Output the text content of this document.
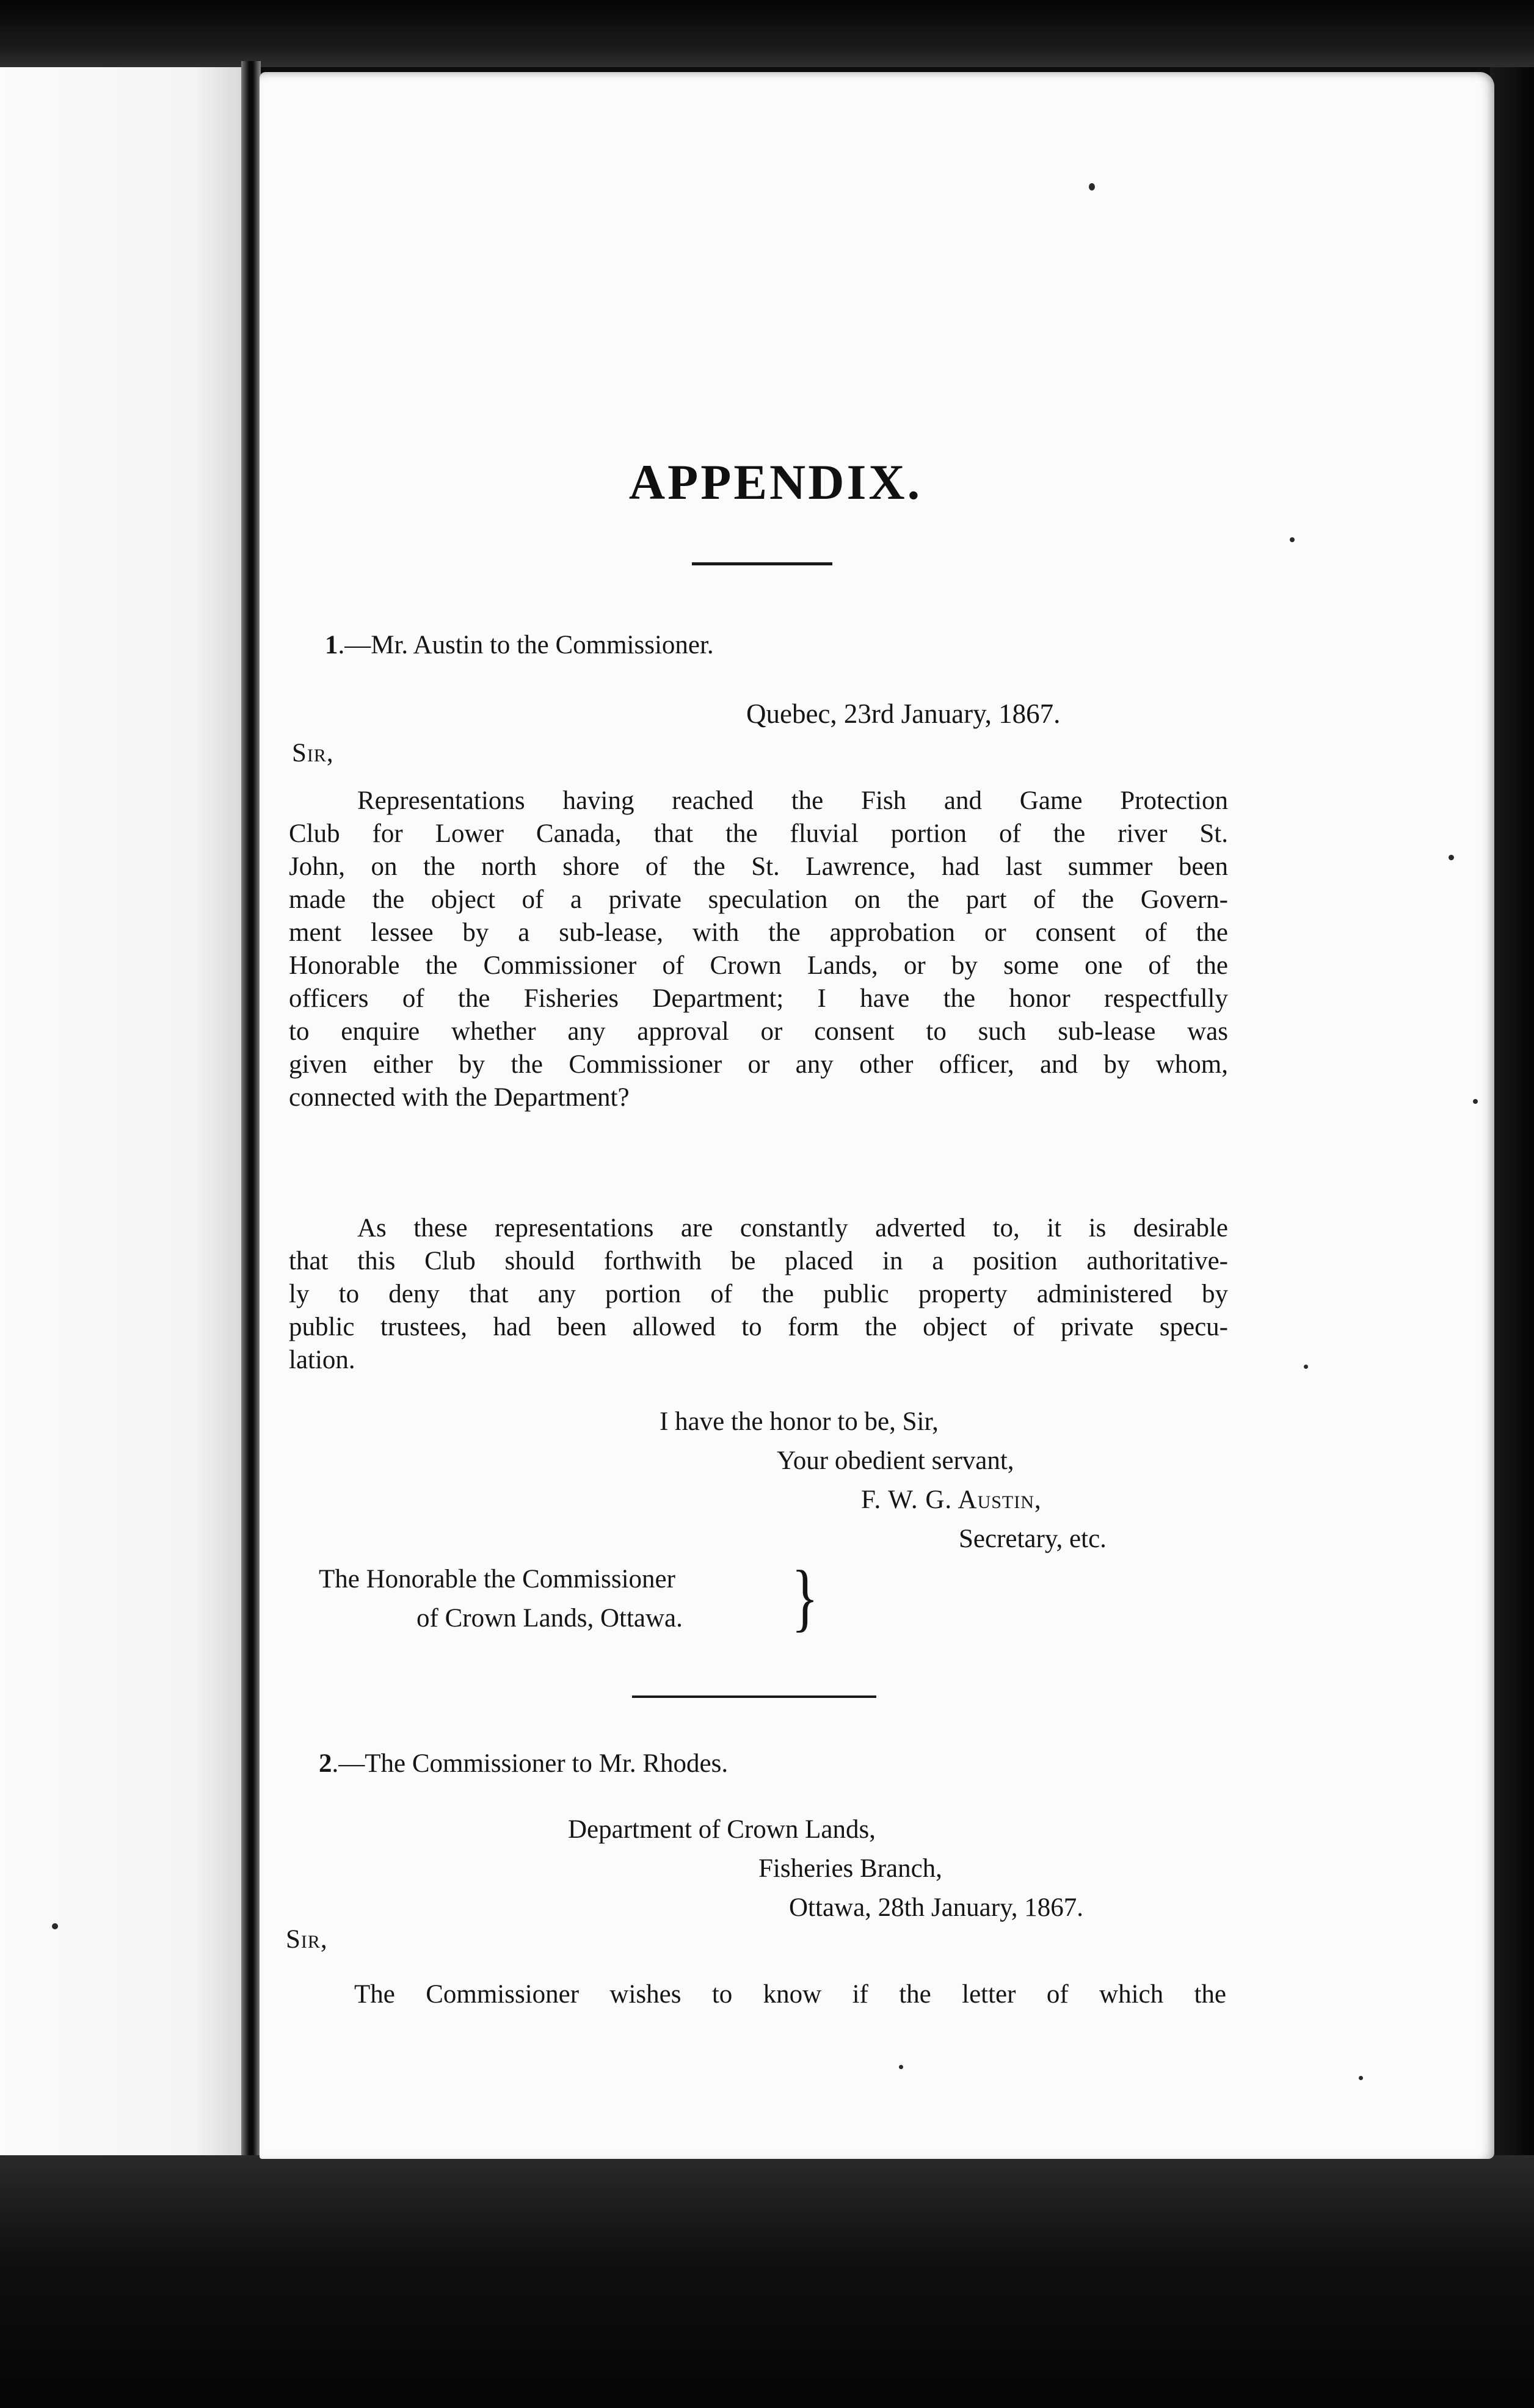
APPENDIX.

1.—Mr. Austin to the Commissioner.

Quebec, 23rd January, 1867.

Sir,

Representations having reached the Fish and Game Protection
Club for Lower Canada, that the fluvial portion of the river St.
John, on the north shore of the St. Lawrence, had last summer been
made the object of a private speculation on the part of the Govern-
ment lessee by a sub-lease, with the approbation or consent of the
Honorable the Commissioner of Crown Lands, or by some one of the
officers of the Fisheries Department; I have the honor respectfully
to enquire whether any approval or consent to such sub-lease was
given either by the Commissioner or any other officer, and by whom,
connected with the Department?
As these representations are constantly adverted to, it is desirable
that this Club should forthwith be placed in a position authoritative-
ly to deny that any portion of the public property administered by
public trustees, had been allowed to form the object of private specu-
lation.

I have the honor to be, Sir,

Your obedient servant,

F. W. G. Austin,

Secretary, etc.

The Honorable the Commissioner

of Crown Lands, Ottawa. }

2.—The Commissioner to Mr. Rhodes.

Department of Crown Lands,

Fisheries Branch,

Ottawa, 28th January, 1867.

Sir,

The Commissioner wishes to know if the letter of which the
